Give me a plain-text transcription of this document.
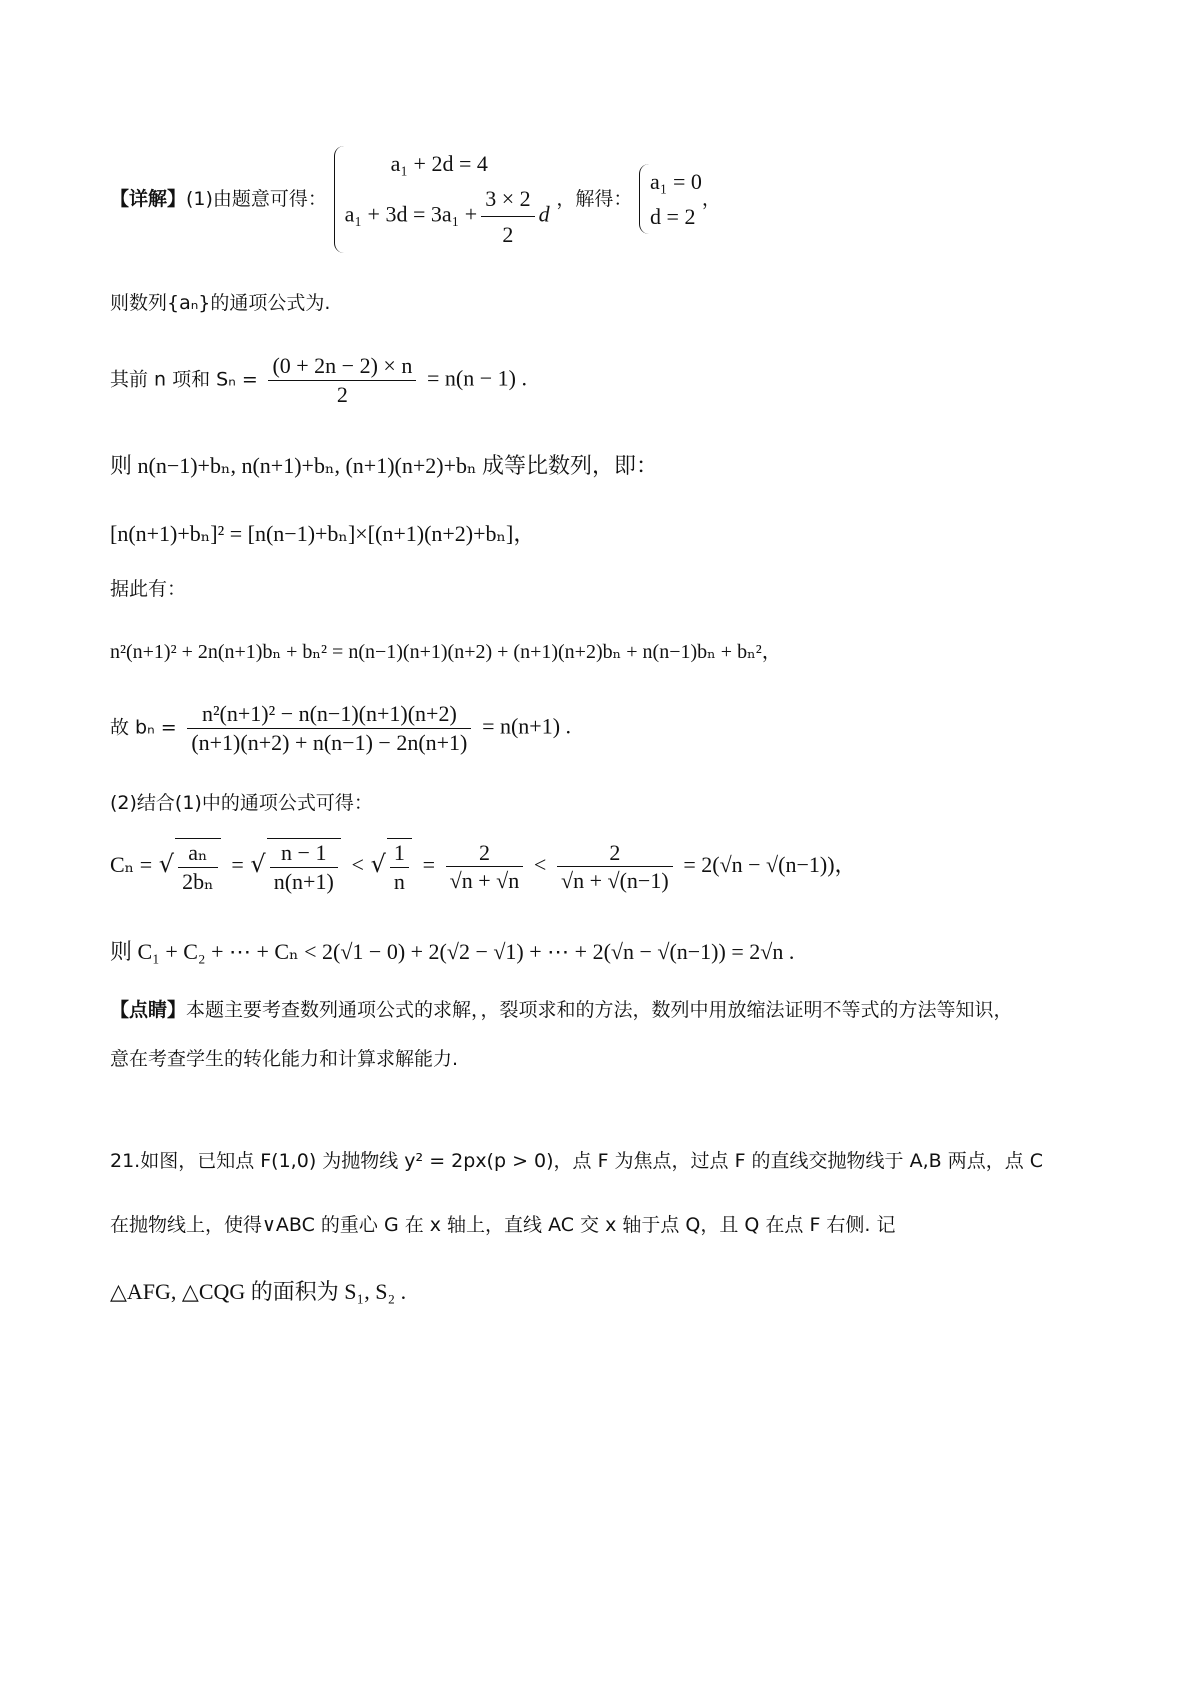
【详解】(1)由题意可得：
a₁ + 2d = 4
$a_1 + 3d = 3a_1 + \frac{3 \times 2}{2}$ d
，解得：
a₁ = 0
d = 2
，
则数列{aₙ}的通项公式为.
其前 n 项和 $S_n = \frac{(0 + 2n - 2) \times n}{2} = n(n - 1)$ .
则 n(n−1)+bₙ, n(n+1)+bₙ, (n+1)(n+2)+bₙ 成等比数列，即：
[n(n+1)+bₙ]² = [n(n−1)+bₙ]×[(n+1)(n+2)+bₙ]，
据此有：
n²(n+1)² + 2n(n+1)bₙ + bₙ² = n(n−1)(n+1)(n+2) + (n+1)(n+2)bₙ + n(n−1)bₙ + bₙ²，
故 $b_n = \frac{\text{n²(n+1)² − n(n−1)(n+1)(n+2)}}{(n+1)(n+2) + n(n-1) - 2n(n+1)} = n(n+1)$ .
(2)结合(1)中的通项公式可得：
Cₙ = √ $\frac{\text{aₙ}}{\text{2bₙ}}$ = √ $\frac{n - 1}{n(n+1)}$ < √ $\frac{1}{n} = \frac{2}{√n + √n} < \frac{2}{√n + √(n-1)} = 2(√n - √(n-1))$，
则 C₁ + C₂ + ⋯ + Cₙ < 2(√1 − 0) + 2(√2 − √1) + ⋯ + 2(√n − √(n−1)) = 2√n .
【点睛】本题主要考查数列通项公式的求解，，裂项求和的方法，数列中用放缩法证明不等式的方法等知识，
意在考查学生的转化能力和计算求解能力.
21.如图，已知点 F(1,0) 为抛物线 y² = 2px(p > 0)，点 F 为焦点，过点 F 的直线交抛物线于 A,B 两点，点 C
在抛物线上，使得∨ABC 的重心 G 在 x 轴上，直线 AC 交 x 轴于点 Q，且 Q 在点 F 右侧. 记
△AFG, △CQG 的面积为 S₁, S₂ .
